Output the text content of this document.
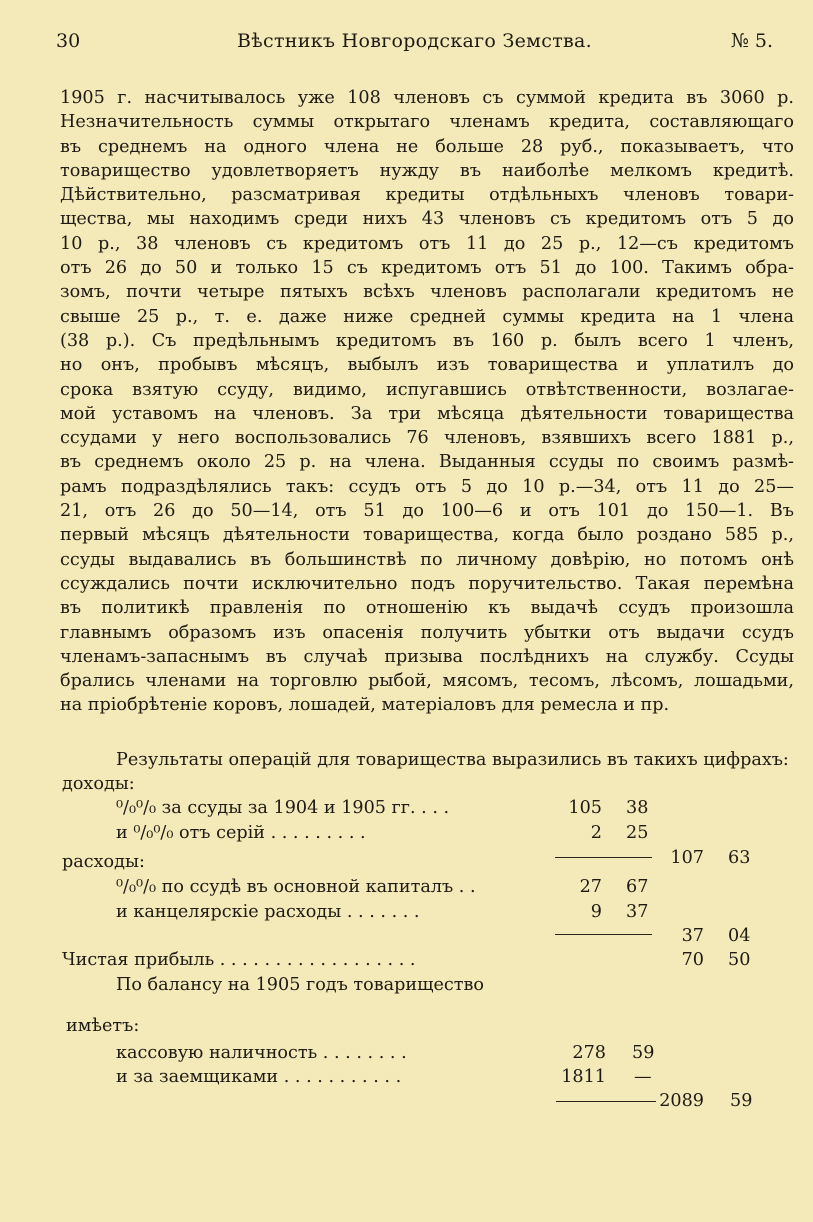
30	Вѣстникъ Новгородскаго Земства.	№ 5.
1905 г. насчитывалось уже 108 членовъ съ суммой кредита въ 3060 р.
Незначительность суммы открытаго членамъ кредита, составляющаго
въ среднемъ на одного члена не больше 28 руб., показываетъ, что
товарищество удовлетворяетъ нужду въ наиболѣе мелкомъ кредитѣ.
Дѣйствительно, разсматривая кредиты отдѣльныхъ членовъ товари-
щества, мы находимъ среди нихъ 43 членовъ съ кредитомъ отъ 5 до
10 р., 38 членовъ съ кредитомъ отъ 11 до 25 р., 12—съ кредитомъ
отъ 26 до 50 и только 15 съ кредитомъ отъ 51 до 100. Такимъ обра-
зомъ, почти четыре пятыхъ всѣхъ членовъ располагали кредитомъ не
свыше 25 р., т. е. даже ниже средней суммы кредита на 1 члена
(38 р.). Съ предѣльнымъ кредитомъ въ 160 р. былъ всего 1 членъ,
но онъ, пробывъ мѣсяцъ, выбылъ изъ товарищества и уплатилъ до
срока взятую ссуду, видимо, испугавшись отвѣтственности, возлагае-
мой уставомъ на членовъ. За три мѣсяца дѣятельности товарищества
ссудами у него воспользовались 76 членовъ, взявшихъ всего 1881 р.,
въ среднемъ около 25 р. на члена. Выданныя ссуды по своимъ размѣ-
рамъ подраздѣлялись такъ: ссудъ отъ 5 до 10 р.—34, отъ 11 до 25—
21, отъ 26 до 50—14, отъ 51 до 100—6 и отъ 101 до 150—1. Въ
первый мѣсяцъ дѣятельности товарищества, когда было роздано 585 р.,
ссуды выдавались въ большинствѣ по личному довѣрію, но потомъ онѣ
ссуждались почти исключительно подъ поручительство. Такая перемѣна
въ политикѣ правленія по отношенію къ выдачѣ ссудъ произошла
главнымъ образомъ изъ опасенія получить убытки отъ выдачи ссудъ
членамъ-запаснымъ въ случаѣ призыва послѣднихъ на службу. Ссуды
брались членами на торговлю рыбой, мясомъ, тесомъ, лѣсомъ, лошадьми,
на пріобрѣтеніе коровъ, лошадей, матеріаловъ для ремесла и пр.
Результаты операцій для товарищества выразились въ такихъ цифрахъ:
доходы:
⁰/₀⁰/₀ за ссуды за 1904 и 1905 гг. . . .	105 38
и ⁰/₀⁰/₀ отъ серій . . . . . . . . .	2 25
107 63
расходы:
⁰/₀⁰/₀ по ссудѣ въ основной капиталъ . .	27 67
и канцелярскіе расходы . . . . . . .	9 37
37 04
Чистая прибыль . . . . . . . . . . . . . . . . . .	70 50
По балансу на 1905 годъ товарищество
имѣетъ:
кассовую наличность . . . . . . . .	278 59
и за заемщиками . . . . . . . . . . .	1811 —
2089 59
